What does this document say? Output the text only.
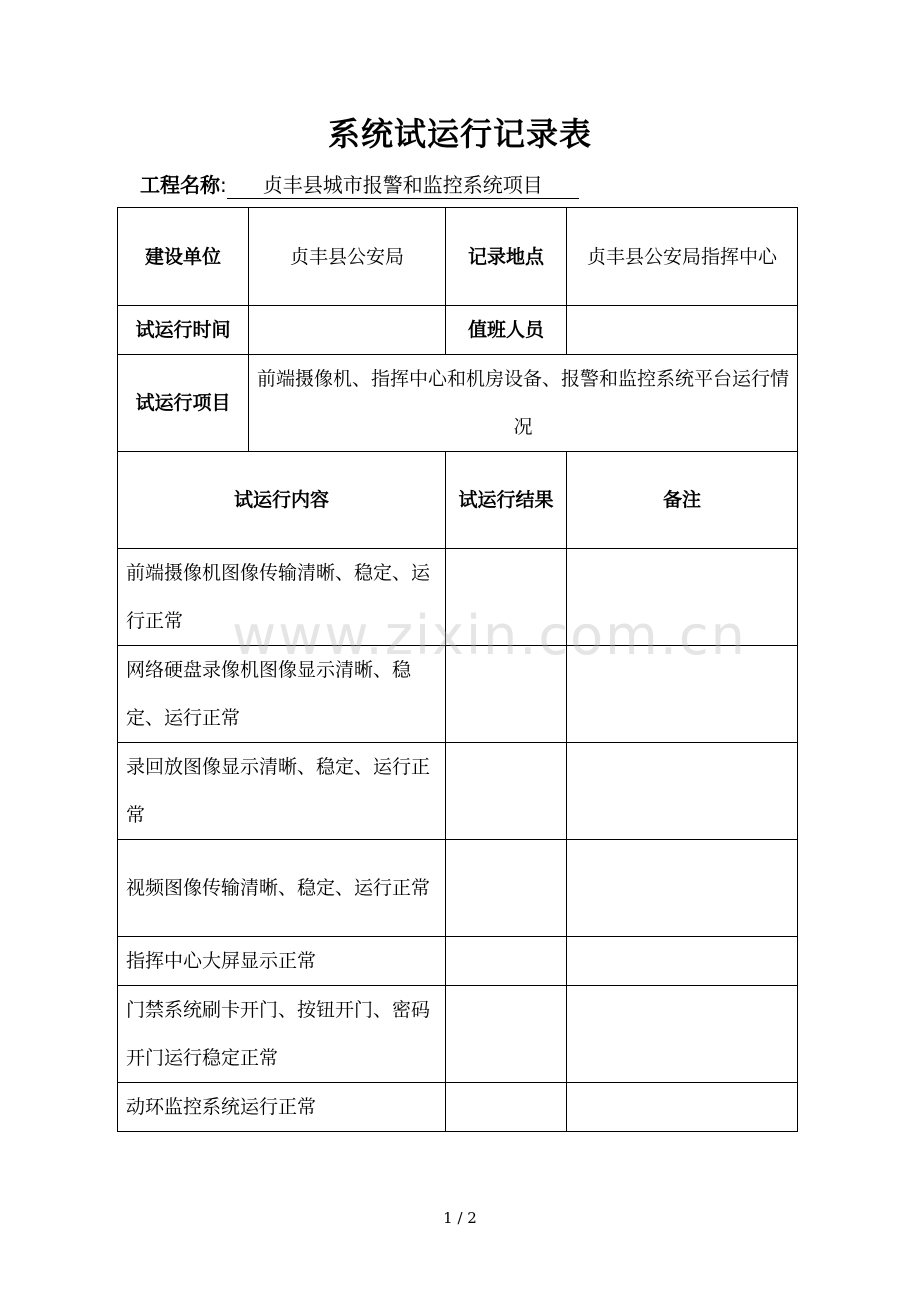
系统试运行记录表
工程名称: 贞丰县城市报警和监控系统项目
建设单位	贞丰县公安局	记录地点	贞丰县公安局指挥中心
试运行时间		值班人员	
试运行项目	前端摄像机、指挥中心和机房设备、报警和监控系统平台运行情况		
试运行内容		试运行结果	备注
前端摄像机图像传输清晰、稳定、运行正常			
网络硬盘录像机图像显示清晰、稳定、运行正常			
录回放图像显示清晰、稳定、运行正常			
视频图像传输清晰、稳定、运行正常			
指挥中心大屏显示正常			
门禁系统刷卡开门、按钮开门、密码开门运行稳定正常			
动环监控系统运行正常			
www.zixin.com.cn
1 / 2
